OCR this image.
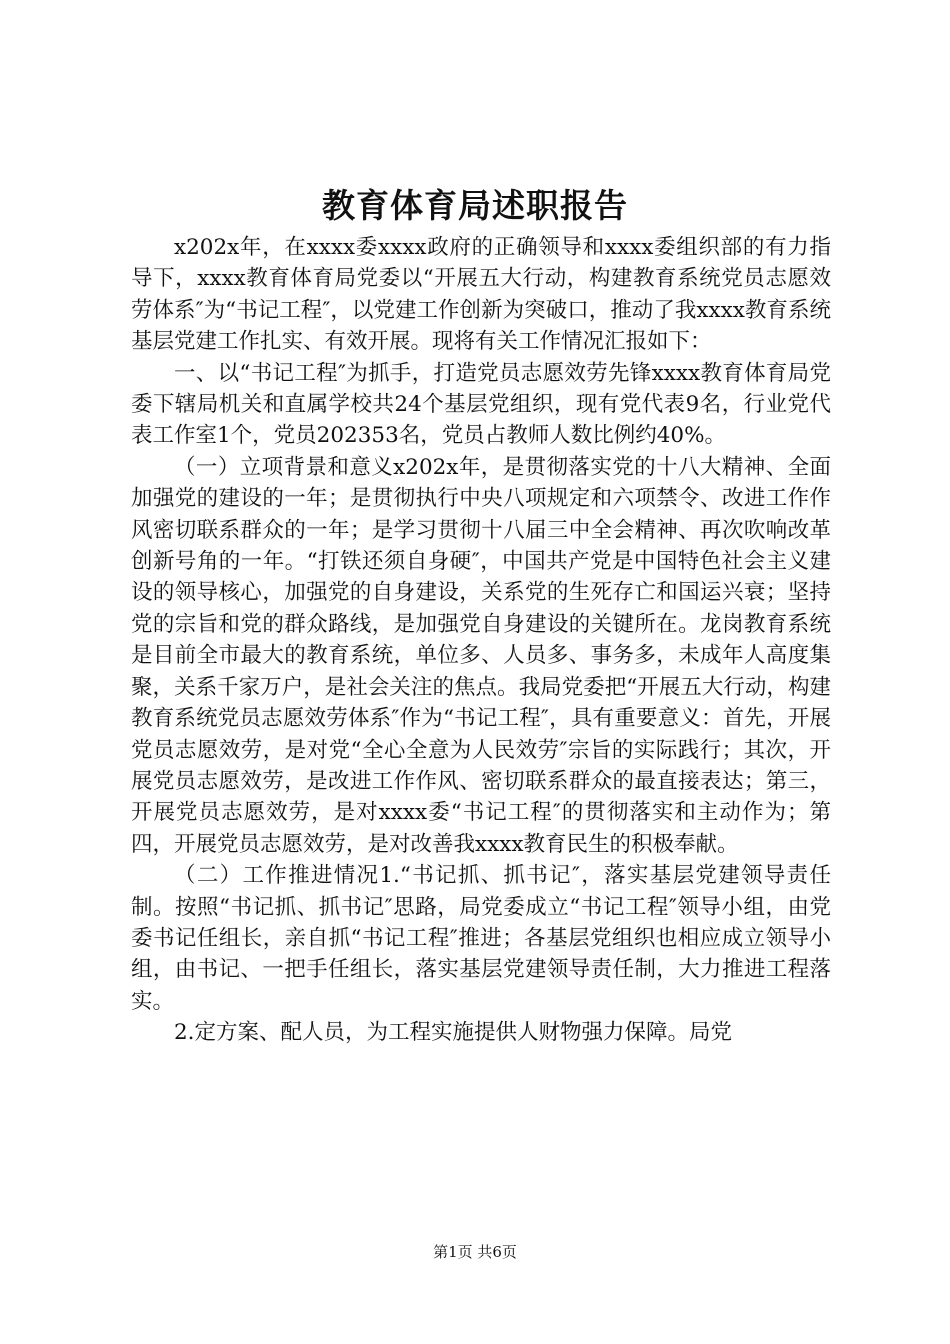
教育体育局述职报告

x202x年，在xxxx委xxxx政府的正确领导和xxxx委组织部的有力指导下，xxxx教育体育局党委以“开展五大行动，构建教育系统党员志愿效劳体系″为“书记工程″，以党建工作创新为突破口，推动了我xxxx教育系统基层党建工作扎实、有效开展。现将有关工作情况汇报如下：

一、以“书记工程″为抓手，打造党员志愿效劳先锋xxxx教育体育局党委下辖局机关和直属学校共24个基层党组织，现有党代表9名，行业党代表工作室1个，党员202353名，党员占教师人数比例约40%。

（一）立项背景和意义x202x年，是贯彻落实党的十八大精神、全面加强党的建设的一年；是贯彻执行中央八项规定和六项禁令、改进工作作风密切联系群众的一年；是学习贯彻十八届三中全会精神、再次吹响改革创新号角的一年。“打铁还须自身硬″，中国共产党是中国特色社会主义建设的领导核心，加强党的自身建设，关系党的生死存亡和国运兴衰；坚持党的宗旨和党的群众路线，是加强党自身建设的关键所在。龙岗教育系统是目前全市最大的教育系统，单位多、人员多、事务多，未成年人高度集聚，关系千家万户，是社会关注的焦点。我局党委把“开展五大行动，构建教育系统党员志愿效劳体系″作为“书记工程″，具有重要意义：首先，开展党员志愿效劳，是对党“全心全意为人民效劳″宗旨的实际践行；其次，开展党员志愿效劳，是改进工作作风、密切联系群众的最直接表达；第三，开展党员志愿效劳，是对xxxx委“书记工程″的贯彻落实和主动作为；第四，开展党员志愿效劳，是对改善我xxxx教育民生的积极奉献。

（二）工作推进情况1.“书记抓、抓书记″，落实基层党建领导责任制。按照“书记抓、抓书记″思路，局党委成立“书记工程″领导小组，由党委书记任组长，亲自抓“书记工程″推进；各基层党组织也相应成立领导小组，由书记、一把手任组长，落实基层党建领导责任制，大力推进工程落实。

2.定方案、配人员，为工程实施提供人财物强力保障。局党

第1页 共6页
